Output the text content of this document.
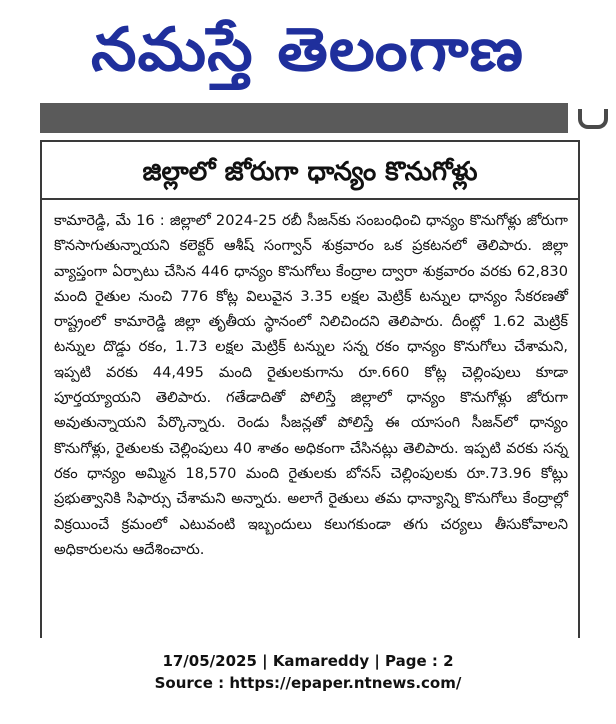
నమస్తే తెలంగాణ
జిల్లాలో జోరుగా ధాన్యం కొనుగోళ్లు
కామారెడ్డి, మే 16 : జిల్లాలో 2024-25 రబీ సీజన్‌కు సంబంధించి ధాన్యం కొనుగోళ్లు జోరుగా కొనసాగుతున్నాయని కలెక్టర్ ఆశీష్ సంగ్వాన్ శుక్రవారం ఒక ప్రకటనలో తెలిపారు. జిల్లా వ్యాప్తంగా ఏర్పాటు చేసిన 446 ధాన్యం కొనుగోలు కేంద్రాల ద్వారా శుక్రవారం వరకు 62,830 మంది రైతుల నుంచి 776 కోట్ల విలువైన 3.35 లక్షల మెట్రిక్ టన్నుల ధాన్యం సేకరణతో రాష్ట్రంలో కామారెడ్డి జిల్లా తృతీయ స్థానంలో నిలిచిందని తెలిపారు. దీంట్లో 1.62 మెట్రిక్ టన్నుల దొడ్డు రకం, 1.73 లక్షల మెట్రిక్ టన్నుల సన్న రకం ధాన్యం కొనుగోలు చేశామని, ఇప్పటి వరకు 44,495 మంది రైతులకుగాను రూ.660 కోట్ల చెల్లింపులు కూడా పూర్తయ్యాయని తెలిపారు. గతేడాదితో పోలిస్తే జిల్లాలో ధాన్యం కొనుగోళ్లు జోరుగా అవుతున్నాయని పేర్కొన్నారు. రెండు సీజన్లతో పోలిస్తే ఈ యాసంగి సీజన్‌లో ధాన్యం కొనుగోళ్లు, రైతులకు చెల్లింపులు 40 శాతం అధికంగా చేసినట్లు తెలిపారు. ఇప్పటి వరకు సన్న రకం ధాన్యం అమ్మిన 18,570 మంది రైతులకు బోనస్ చెల్లింపులకు రూ.73.96 కోట్లు ప్రభుత్వానికి సిఫార్సు చేశామని అన్నారు. అలాగే రైతులు తమ ధాన్యాన్ని కొనుగోలు కేంద్రాల్లో విక్రయించే క్రమంలో ఎటువంటి ఇబ్బందులు కలుగకుండా తగు చర్యలు తీసుకోవాలని అధికారులను ఆదేశించారు.
17/05/2025 | Kamareddy | Page : 2
Source : https://epaper.ntnews.com/
